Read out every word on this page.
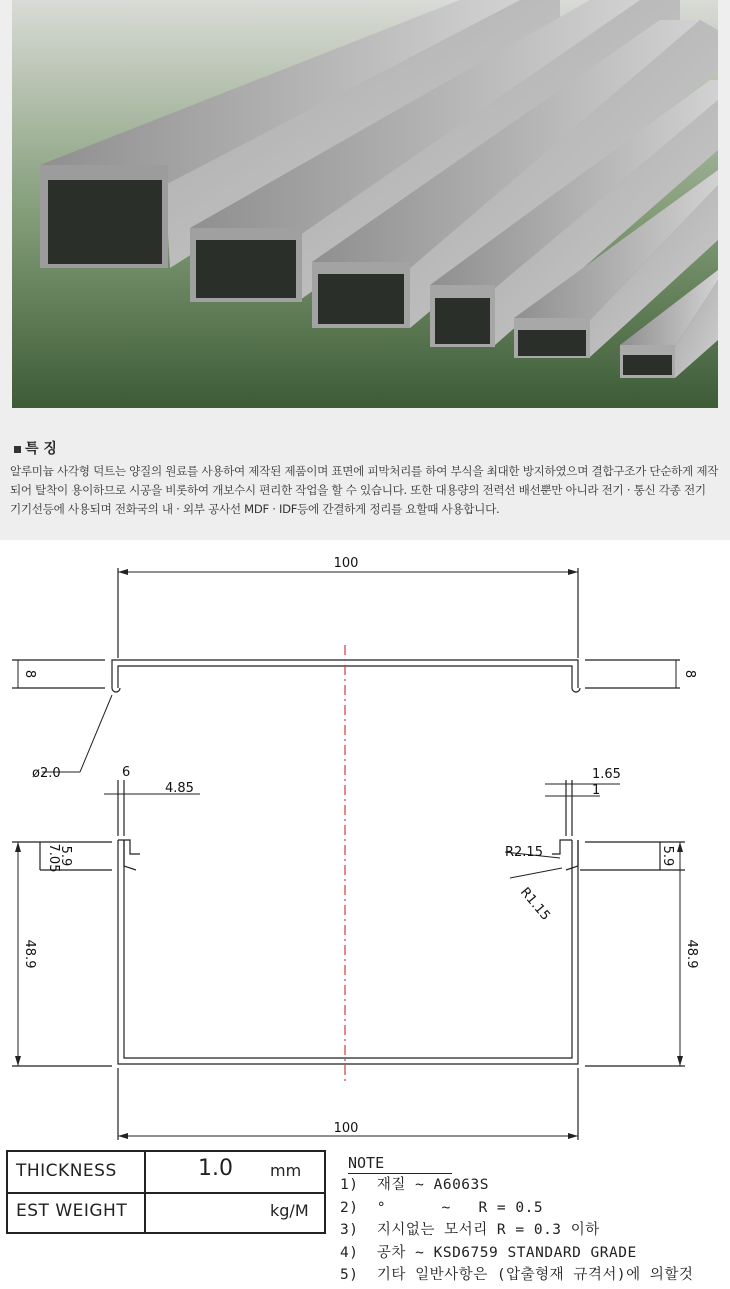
특 징
알루미늄 사각형 덕트는 양질의 원료를 사용하여 제작된 제품이며 표면에 피막처리를 하여 부식을 최대한 방지하였으며 결합구조가 단순하게 제작되어 탈착이 용이하므로 시공을 비롯하여 개보수시 편리한 작업을 할 수 있습니다. 또한 대용량의 전력선 배선뿐만 아니라 전기 · 통신 각종 전기 기기선등에 사용되며 전화국의 내 · 외부 공사선 MDF · IDF등에 간결하게 정리를 요할때 사용합니다.
100
100
8	8
ø2.0	6
4.85
1.65
1
5.9
7.05	5.9
R2.15
R1.15
48.9	48.9
THICKNESS	1.0 mm
EST WEIGHT	kg/M
NOTE
1)  재질 ~ A6063S
2)  °      ~   R = 0.5
3)  지시없는 모서리 R = 0.3 이하
4)  공차 ~ KSD6759 STANDARD GRADE
5)  기타 일반사항은 (압출형재 규격서)에 의할것
